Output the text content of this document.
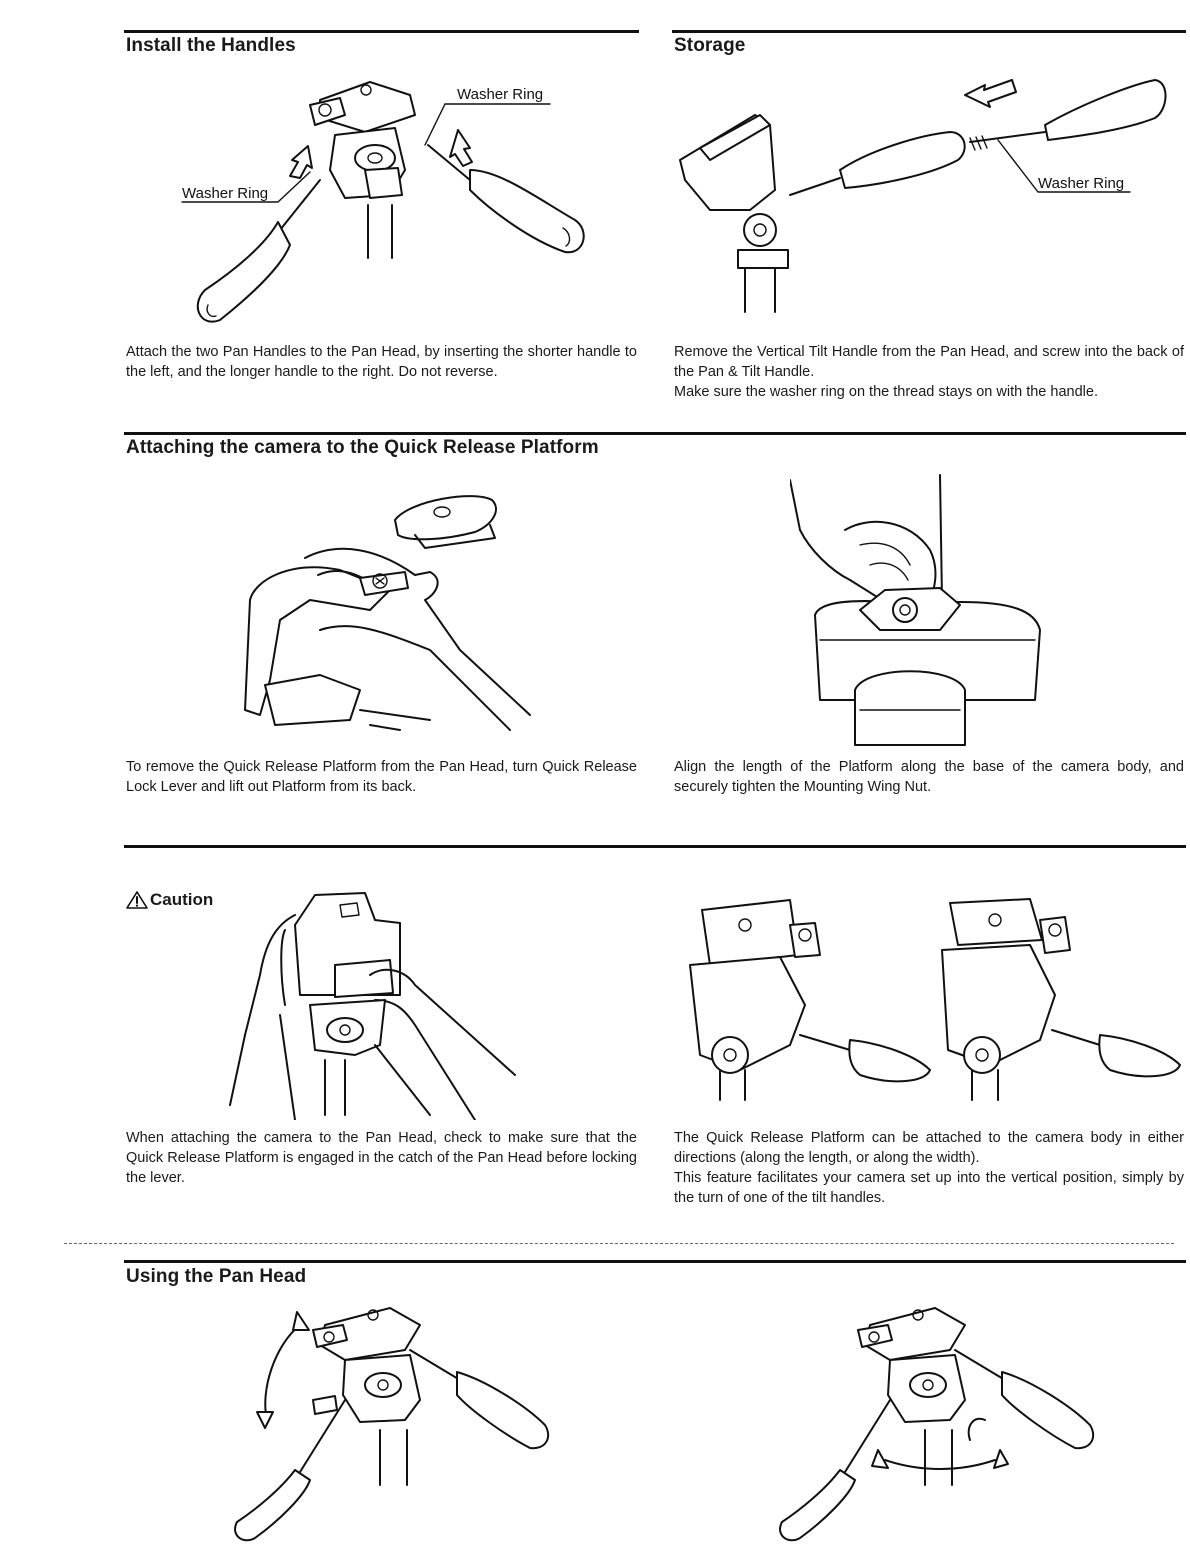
Install the Handles
Washer Ring
Washer Ring

Attach the two Pan Handles to the Pan Head, by inserting the shorter handle to the left, and the longer handle to the right. Do not reverse.

Storage
Washer Ring

Remove the Vertical Tilt Handle from the Pan Head, and screw into the back of the Pan & Tilt Handle.
Make sure the washer ring on the thread stays on with the handle.

Attaching the camera to the Quick Release Platform

To remove the Quick Release Platform from the Pan Head, turn Quick Release Lock Lever and lift out Platform from its back.

Align the length of the Platform along the base of the camera body, and securely tighten the Mounting Wing Nut.

Caution

When attaching the camera to the Pan Head, check to make sure that the Quick Release Platform is engaged in the catch of the Pan Head before locking the lever.

The Quick Release Platform can be attached to the camera body in either directions (along the length, or along the width).
This feature facilitates your camera set up into the vertical position, simply by the turn of one of the tilt handles.

Using the Pan Head
